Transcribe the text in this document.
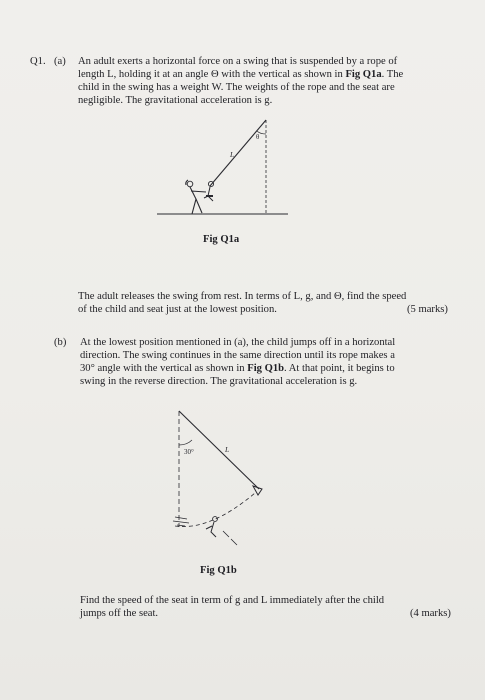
Q1. (a) An adult exerts a horizontal force on a swing that is suspended by a rope of
length L, holding it at an angle Θ with the vertical as shown in Fig Q1a. The
child in the swing has a weight W. The weights of the rope and the seat are
negligible. The gravitational acceleration is g.
θ
L
Fig Q1a
The adult releases the swing from rest. In terms of L, g, and Θ, find the speed
of the child and seat just at the lowest position.	(5 marks)
(b) At the lowest position mentioned in (a), the child jumps off in a horizontal
direction. The swing continues in the same direction until its rope makes a
30° angle with the vertical as shown in Fig Q1b. At that point, it begins to
swing in the reverse direction. The gravitational acceleration is g.
30°	L
Fig Q1b
Find the speed of the seat in term of g and L immediately after the child
jumps off the seat.	(4 marks)
